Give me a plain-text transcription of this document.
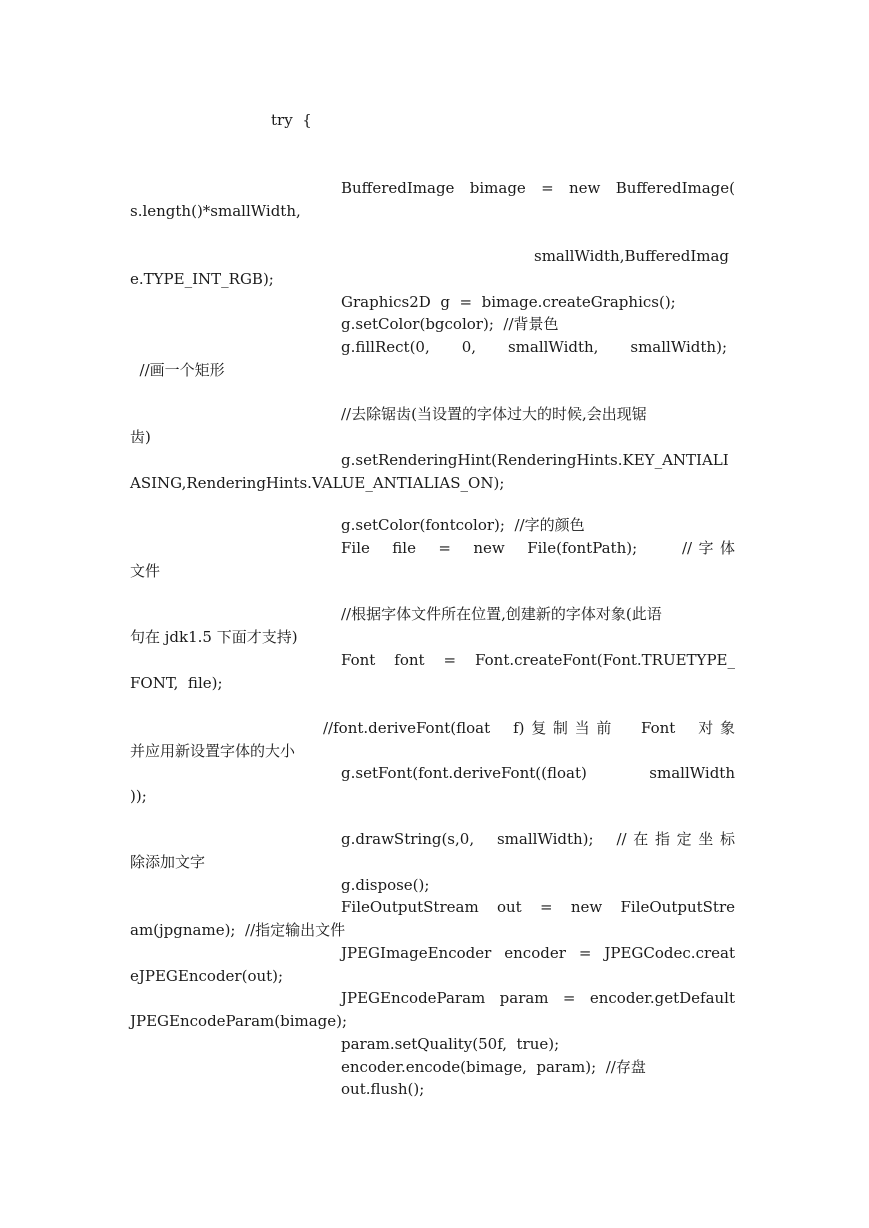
try  {
BufferedImage  bimage  =  new  BufferedImage(
s.length()*smallWidth,
smallWidth,BufferedImag
e.TYPE_INT_RGB);
Graphics2D  g  =  bimage.createGraphics();
g.setColor(bgcolor);  //背景色
g.fillRect(0,  0,  smallWidth,  smallWidth);
//画一个矩形
//去除锯齿(当设置的字体过大的时候,会出现锯
齿)
g.setRenderingHint(RenderingHints.KEY_ANTIALI
ASING,RenderingHints.VALUE_ANTIALIAS_ON);
g.setColor(fontcolor);  //字的颜色
File  file  =  new  File(fontPath);    //字体
文件
//根据字体文件所在位置,创建新的字体对象(此语
句在 jdk1.5 下面才支持)
Font  font  =  Font.createFont(Font.TRUETYPE_
FONT,  file);
//font.deriveFont(float  f)复制当前  Font  对象
并应用新设置字体的大小
g.setFont(font.deriveFont((float)  smallWidth
));
g.drawString(s,0,  smallWidth);  //在指定坐标
除添加文字
g.dispose();
FileOutputStream  out  =  new  FileOutputStre
am(jpgname);  //指定输出文件
JPEGImageEncoder  encoder  =  JPEGCodec.creat
eJPEGEncoder(out);
JPEGEncodeParam  param  =  encoder.getDefault
JPEGEncodeParam(bimage);
param.setQuality(50f,  true);
encoder.encode(bimage,  param);  //存盘
out.flush();
